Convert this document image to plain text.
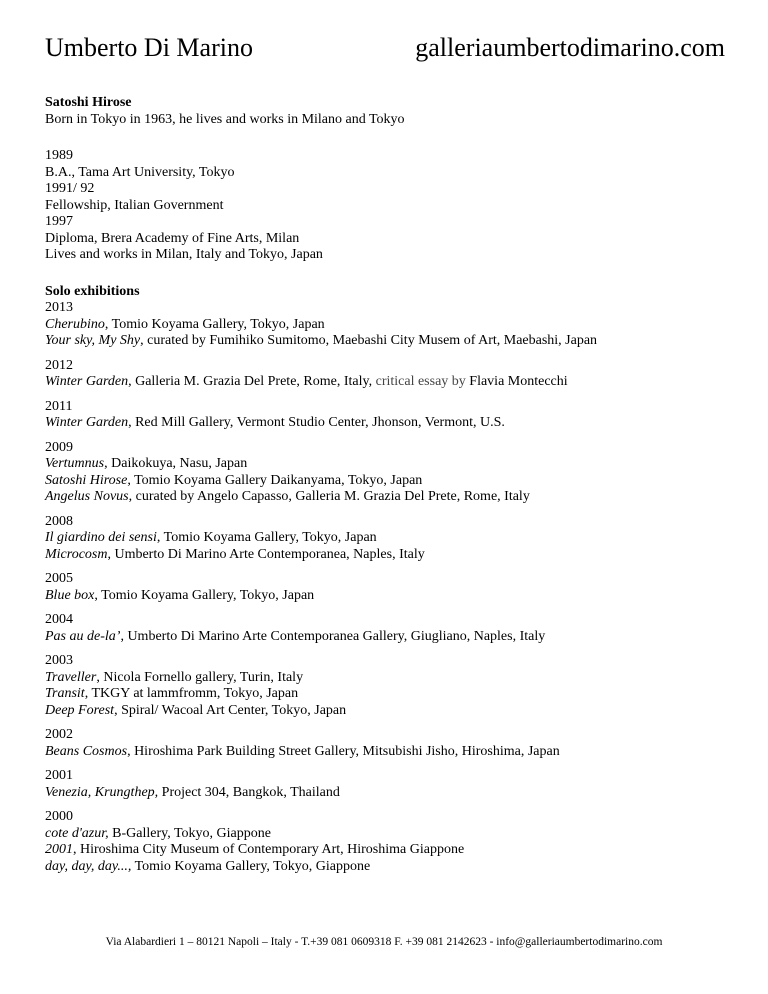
Umberto Di Marino	galleriaumbertodimarino.com
Satoshi Hirose
Born in Tokyo in 1963, he lives and works in Milano and Tokyo
1989
B.A., Tama Art University, Tokyo
1991/ 92
Fellowship, Italian Government
1997
Diploma, Brera Academy of Fine Arts, Milan
Lives and works in Milan, Italy and Tokyo, Japan
Solo exhibitions
2013
Cherubino, Tomio Koyama Gallery, Tokyo, Japan
Your sky, My Shy, curated by Fumihiko Sumitomo, Maebashi City Musem of Art, Maebashi, Japan
2012
Winter Garden, Galleria M. Grazia Del Prete, Rome, Italy, critical essay by Flavia Montecchi
2011
Winter Garden, Red Mill Gallery, Vermont Studio Center, Jhonson, Vermont, U.S.
2009
Vertumnus, Daikokuya, Nasu, Japan
Satoshi Hirose, Tomio Koyama Gallery Daikanyama, Tokyo, Japan
Angelus Novus, curated by Angelo Capasso, Galleria M. Grazia Del Prete, Rome, Italy
2008
Il giardino dei sensi, Tomio Koyama Gallery, Tokyo, Japan
Microcosm, Umberto Di Marino Arte Contemporanea, Naples, Italy
2005
Blue box, Tomio Koyama Gallery, Tokyo, Japan
2004
Pas au de-la’, Umberto Di Marino Arte Contemporanea Gallery, Giugliano, Naples, Italy
2003
Traveller, Nicola Fornello gallery, Turin, Italy
Transit, TKGY at lammfromm, Tokyo, Japan
Deep Forest, Spiral/ Wacoal Art Center, Tokyo, Japan
2002
Beans Cosmos, Hiroshima Park Building Street Gallery, Mitsubishi Jisho, Hiroshima, Japan
2001
Venezia, Krungthep, Project 304, Bangkok, Thailand
2000
cote d'azur, B-Gallery, Tokyo, Giappone
2001, Hiroshima City Museum of Contemporary Art, Hiroshima Giappone
day, day, day..., Tomio Koyama Gallery, Tokyo, Giappone
Via Alabardieri 1 – 80121 Napoli – Italy - T.+39 081 0609318 F. +39 081 2142623 - info@galleriaumbertodimarino.com
